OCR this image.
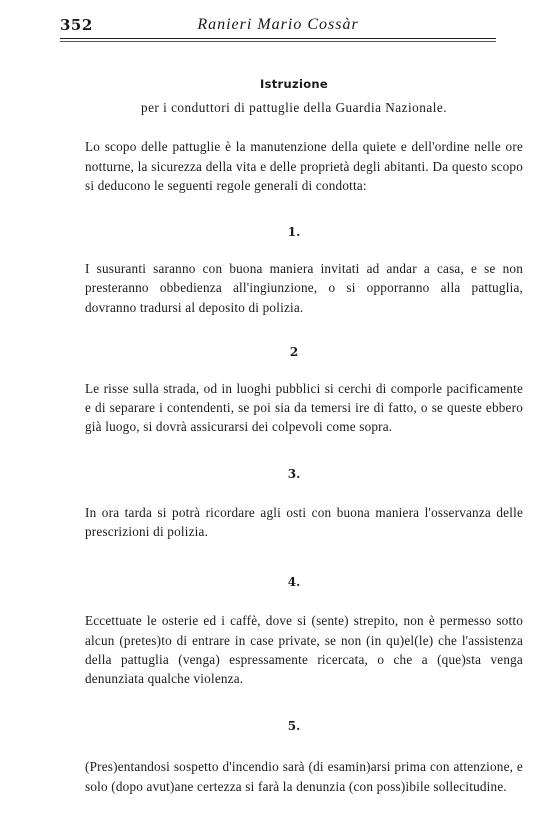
352	Ranieri Mario Cossàr
Istruzione
per i conduttori di pattuglie della Guardia Nazionale.

Lo scopo delle pattuglie è la manutenzione della quiete e dell'ordine nelle ore notturne, la sicurezza della vita e delle proprietà degli abitanti. Da questo scopo si deducono le seguenti regole generali di condotta:

1.

I susuranti saranno con buona maniera invitati ad andar a casa, e se non presteranno obbedienza all'ingiunzione, o si opporranno alla pattuglia, dovranno tradursi al deposito di polizia.

2

Le risse sulla strada, od in luoghi pubblici si cerchi di comporle pacificamente e di separare i contendenti, se poi sia da temersi ire di fatto, o se queste ebbero già luogo, si dovrà assicurarsi dei colpevoli come sopra.

3.

In ora tarda si potrà ricordare agli osti con buona maniera l'osservanza delle prescrizioni di polizia.

4.

Eccettuate le osterie ed i caffè, dove si (sente) strepito, non è permesso sotto alcun (pretes)to di entrare in case private, se non (in qu)el(le) che l'assistenza della pattuglia (venga) espressamente ricercata, o che a (que)sta venga denunziata qualche violenza.

5.

(Pres)entandosi sospetto d'incendio sarà (di esamin)arsi prima con attenzione, e solo (dopo avut)ane certezza si farà la denunzia (con poss)ibile sollecitudine.
